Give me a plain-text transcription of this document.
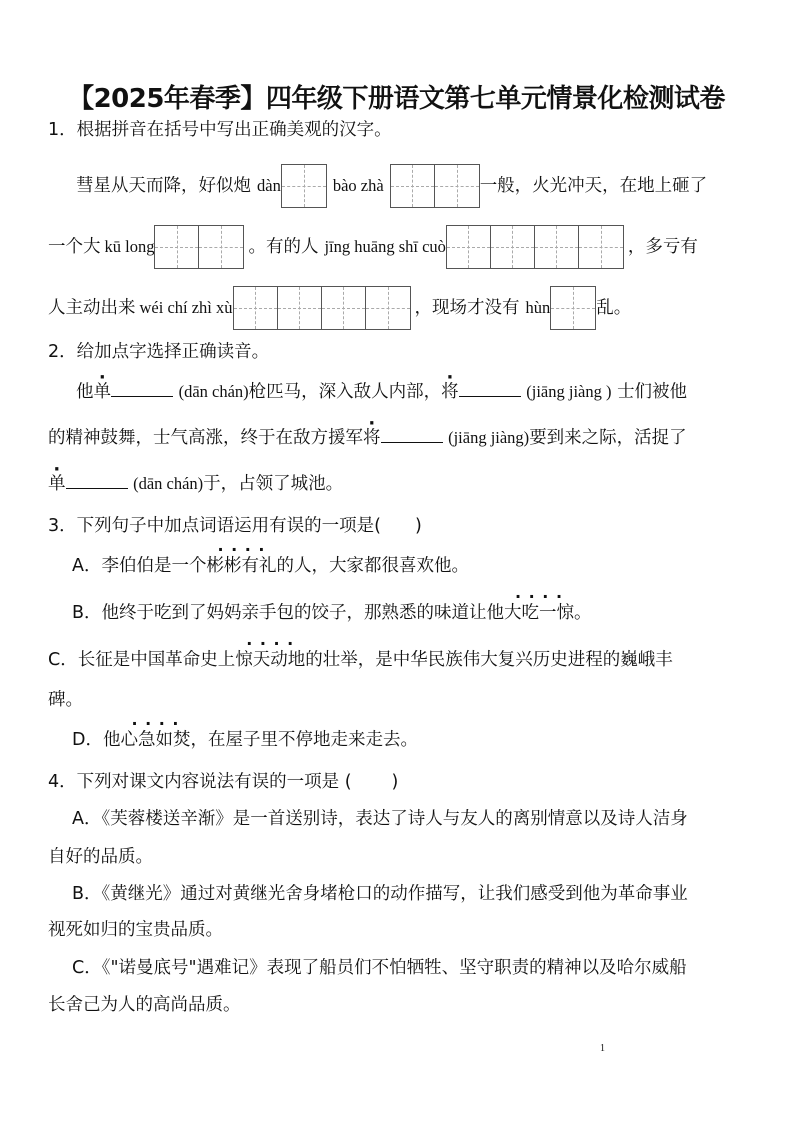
【2025年春季】四年级下册语文第七单元情景化检测试卷
1．根据拼音在括号中写出正确美观的汉字。
彗星从天而降，好似炮 dàn	bào zhà	一般，火光冲天，在地上砸了
一个大 kū long	。有的人 jīng huāng shī cuò	，多亏有
人主动出来 wéi chí zhì xù	，现场才没有 hùn	乱。
2．给加点字选择正确读音。
他单	(dān chán)枪匹马，深入敌人内部，将	(jiāng jiàng ) 士们被他
的精神鼓舞，士气高涨，终于在敌方援军将	(jiāng jiàng)要到来之际，活捉了
单	(dān chán)于，占领了城池。
3．下列句子中加点词语运用有误的一项是( )
A．李伯伯是一个· · · · 彬彬有礼的人，大家都很喜欢他。
B．他终于吃到了妈妈亲手包的饺子，那熟悉的味道让他· · · · 大吃一惊。
C．长征是中国革命史上· · · · 惊天动地的壮举，是中华民族伟大复兴历史进程的巍峨丰
碑。
D．他· · · · 心急如焚，在屋子里不停地走来走去。
4．下列对课文内容说法有误的一项是 ( )
A．《芙蓉楼送辛渐》是一首送别诗，表达了诗人与友人的离别情意以及诗人洁身
自好的品质。
B．《黄继光》通过对黄继光舍身堵枪口的动作描写，让我们感受到他为革命事业
视死如归的宝贵品质。
C．《"诺曼底号"遇难记》表现了船员们不怕牺牲、坚守职责的精神以及哈尔威船
长舍己为人的高尚品质。
1
